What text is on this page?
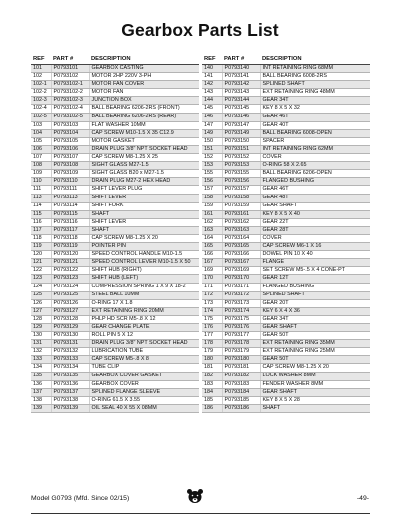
Gearbox Parts List
REF	PART #	DESCRIPTION
101	P0793101	GEARBOX CASTING
102	P0793102	MOTOR 2HP 220V 3-PH
102-1	P0793102-1	MOTOR FAN COVER
102-2	P0793102-2	MOTOR FAN
102-3	P0793102-3	JUNCTION BOX
102-4	P0793102-4	BALL BEARING 6206-2RS (FRONT)
102-5	P0793102-5	BALL BEARING 6206-2RS (REAR)
103	P0793103	FLAT WASHER 10MM
104	P0793104	CAP SCREW M10-1.5 X 35 C12.9
105	P0793105	MOTOR GASKET
106	P0793106	DRAIN PLUG 3/8" NPT SOCKET HEAD
107	P0793107	CAP SCREW M8-1.25 X 25
108	P0793108	SIGHT GLASS M27-1.5
109	P0793109	SIGHT GLASS B20 x M27-1.5
110	P0793110	DRAIN PLUG M27-2 HEX HEAD
111	P0793111	SHIFT LEVER PLUG
113	P0793113	SHIFT LEVER
114	P0793114	SHIFT FORK
115	P0793115	SHAFT
116	P0793116	SHIFT LEVER
117	P0793117	SHAFT
118	P0793118	CAP SCREW M8-1.25 X 20
119	P0793119	POINTER PIN
120	P0793120	SPEED CONTROL HANDLE M10-1.5
121	P0793121	SPEED CONTROL LEVER M10-1.5 X 50
122	P0793122	SHIFT HUB (RIGHT)
123	P0793123	SHIFT HUB (LEFT)
124	P0793124	COMPRESSION SPRING 1 X 9 X 18-2
125	P0793125	STEEL BALL 10MM
126	P0793126	O-RING 17 X 1.8
127	P0793127	EXT RETAINING RING 20MM
128	P0793128	PHLP HD SCR M5-.8 X 12
129	P0793129	GEAR CHANGE PLATE
130	P0793130	ROLL PIN 5 X 12
131	P0793131	DRAIN PLUG 3/8" NPT SOCKET HEAD
132	P0793132	LUBRICATION TUBE
133	P0793133	CAP SCREW M5-.8 X 8
134	P0793134	TUBE CLIP
135	P0793135	GEARBOX COVER GASKET
136	P0793136	GEARBOX COVER
137	P0793137	SPLINED FLANGE SLEEVE
138	P0793138	O-RING 61.5 X 3.55
139	P0793139	OIL SEAL 40 X 55 X 08MM
REF	PART #	DESCRIPTION
140	P0793140	INT RETAINING RING 68MM
141	P0793141	BALL BEARING 6008-2RS
142	P0793142	SPLINED SHAFT
143	P0793143	EXT RETAINING RING 48MM
144	P0793144	GEAR 34T
145	P0793145	KEY 8 X 5 X 32
146	P0793146	GEAR 46T
147	P0793147	GEAR 40T
149	P0793149	BALL BEARING 6008-OPEN
150	P0793150	SPACER
151	P0793151	INT RETAINING RING 62MM
152	P0793152	COVER
153	P0793153	O-RING 58 X 2.65
155	P0793155	BALL BEARING 6206-OPEN
156	P0793156	FLANGED BUSHING
157	P0793157	GEAR 46T
158	P0793158	GEAR 48T
159	P0793159	GEAR SHAFT
161	P0793161	KEY 8 X 5 X 40
162	P0793162	GEAR 22T
163	P0793163	GEAR 28T
164	P0793164	COVER
165	P0793165	CAP SCREW M6-1 X 16
166	P0793166	DOWEL PIN 10 X 40
167	P0793167	FLANGE
169	P0793169	SET SCREW M5-.5 X 4 CONE-PT
170	P0793170	GEAR 12T
171	P0793171	FLANGED BUSHING
172	P0793172	SPLINED SHAFT
173	P0793173	GEAR 20T
174	P0793174	KEY 6 X 4 X 36
175	P0793175	GEAR 34T
176	P0793176	GEAR SHAFT
177	P0793177	GEAR 50T
178	P0793178	EXT RETAINING RING 35MM
179	P0793179	EXT RETAINING RING 25MM
180	P0793180	GEAR 50T
181	P0793181	CAP SCREW M8-1.25 X 20
182	P0793182	LOCK WASHER 8MM
183	P0793183	FENDER WASHER 8MM
184	P0793184	GEAR SHAFT
185	P0793185	KEY 8 X 5 X 28
186	P0793186	SHAFT
Model G0793 (Mfd. Since 02/15)	-49-
